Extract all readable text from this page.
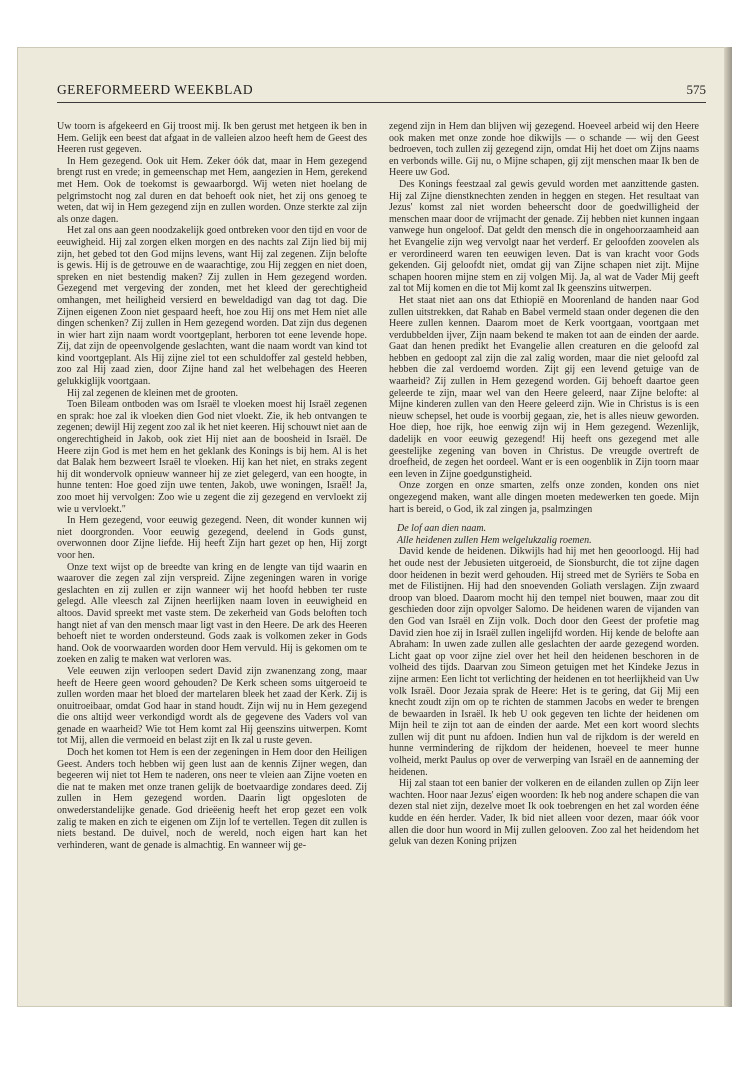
GEREFORMEERD WEEKBLAD	575

Uw toorn is afgekeerd en Gij troost mij. Ik ben gerust met hetgeen ik ben in Hem. Gelijk een beest dat afgaat in de valleien alzoo heeft hem de Geest des Heeren rust gegeven.

In Hem gezegend. Ook uit Hem. Zeker óók dat, maar in Hem gezegend brengt rust en vrede; in gemeenschap met Hem, aangezien in Hem, gerekend met Hem. Ook de toekomst is gewaarborgd. Wij weten niet hoelang de pelgrimstocht nog zal duren en dat behoeft ook niet, het zij ons genoeg te weten, dat wij in Hem gezegend zijn en zullen worden. Onze sterkte zal zijn als onze dagen.

Het zal ons aan geen noodzakelijk goed ontbreken voor den tijd en voor de eeuwigheid. Hij zal zorgen elken morgen en des nachts zal Zijn lied bij mij zijn, het gebed tot den God mijns levens, want Hij zal zegenen. Zijn belofte is gewis. Hij is de getrouwe en de waarachtige, zou Hij zeggen en niet doen, spreken en niet bestendig maken? Zij zullen in Hem gezegend worden. Gezegend met vergeving der zonden, met het kleed der gerechtigheid omhangen, met heiligheid versierd en beweldadigd van dag tot dag. Die Zijnen eigenen Zoon niet gespaard heeft, hoe zou Hij ons met Hem niet alle dingen schenken? Zij zullen in Hem gezegend worden. Dat zijn dus degenen in wier hart zijn naam wordt voortgeplant, herboren tot eene levende hope. Zij, dat zijn de opeenvolgende geslachten, want die naam wordt van kind tot kind voortgeplant. Als Hij zijne ziel tot een schuldoffer zal gesteld hebben, zoo zal Hij zaad zien, door Zijne hand zal het welbehagen des Heeren gelukkiglijk voortgaan.

Hij zal zegenen de kleinen met de grooten.

Toen Bileam ontboden was om Israël te vloeken moest hij Israël zegenen en sprak: hoe zal ik vloeken dien God niet vloekt. Zie, ik heb ontvangen te zegenen; dewijl Hij zegent zoo zal ik het niet keeren. Hij schouwt niet aan de ongerechtigheid in Jakob, ook ziet Hij niet aan de boosheid in Israël. De Heere zijn God is met hem en het geklank des Konings is bij hem. Al is het dat Balak hem bezweert Israël te vloeken. Hij kan het niet, en straks zegent hij dit wondervolk opnieuw wanneer hij ze ziet gelegerd, van een hoogte, in hunne tenten: Hoe goed zijn uwe tenten, Jakob, uwe woningen, Israël! Ja, zoo moet hij vervolgen: Zoo wie u zegent die zij gezegend en vervloekt zij wie u vervloekt."

In Hem gezegend, voor eeuwig gezegend. Neen, dit wonder kunnen wij niet doorgronden. Voor eeuwig gezegend, deelend in Gods gunst, overwonnen door Zijne liefde. Hij heeft Zijn hart gezet op hen, Hij zorgt voor hen.

Onze text wijst op de breedte van kring en de lengte van tijd waarin en waarover die zegen zal zijn verspreid. Zijne zegeningen waren in vorige geslachten en zij zullen er zijn wanneer wij het hoofd hebben ter ruste gelegd. Alle vleesch zal Zijnen heerlijken naam loven in eeuwigheid en altoos. David spreekt met vaste stem. De zekerheid van Gods beloften toch hangt niet af van den mensch maar ligt vast in den Heere. De ark des Heeren behoeft niet te worden ondersteund. Gods zaak is volkomen zeker in Gods hand. Ook de voorwaarden worden door Hem vervuld. Hij is gekomen om te zoeken en zalig te maken wat verloren was.

Vele eeuwen zijn verloopen sedert David zijn zwanenzang zong, maar heeft de Heere geen woord gehouden? De Kerk scheen soms uitgeroeid te zullen worden maar het bloed der martelaren bleek het zaad der Kerk. Zij is onuitroeibaar, omdat God haar in stand houdt. Zijn wij nu in Hem gezegend die ons altijd weer verkondigd wordt als de gegevene des Vaders vol van genade en waarheid? Wie tot Hem komt zal Hij geenszins uitwerpen. Komt tot Mij, allen die vermoeid en belast zijt en Ik zal u ruste geven.

Doch het komen tot Hem is een der zegeningen in Hem door den Heiligen Geest. Anders toch hebben wij geen lust aan de kennis Zijner wegen, dan begeeren wij niet tot Hem te naderen, ons neer te vleien aan Zijne voeten en die nat te maken met onze tranen gelijk de boetvaardige zondares deed. Zij zullen in Hem gezegend worden. Daarin ligt opgesloten de onwederstandelijke genade. God drieëenig heeft het erop gezet een volk zalig te maken en zich te eigenen om Zijn lof te vertellen. Tegen dit zullen is niets bestand. De duivel, noch de wereld, noch eigen hart kan het verhinderen, want de genade is almachtig. En wanneer wij ge-

zegend zijn in Hem dan blijven wij gezegend. Hoeveel arbeid wij den Heere ook maken met onze zonde hoe dikwijls — o schande — wij den Geest bedroeven, toch zullen zij gezegend zijn, omdat Hij het doet om Zijns naams en verbonds wille. Gij nu, o Mijne schapen, gij zijt menschen maar Ik ben de Heere uw God.

Des Konings feestzaal zal gewis gevuld worden met aanzittende gasten. Hij zal Zijne dienstknechten zenden in heggen en stegen. Het resultaat van Jezus' komst zal niet worden beheerscht door de goedwilligheid der menschen maar door de vrijmacht der genade. Zij hebben niet kunnen ingaan vanwege hun ongeloof. Dat geldt den mensch die in ongehoorzaamheid aan het Evangelie zijn weg vervolgt naar het verderf. Er geloofden zoovelen als er verordineerd waren ten eeuwigen leven. Dat is van kracht voor Gods gekenden. Gij geloofdt niet, omdat gij van Zijne schapen niet zijt. Mijne schapen hooren mijne stem en zij volgen Mij. Ja, al wat de Vader Mij geeft zal tot Mij komen en die tot Mij komt zal Ik geenszins uitwerpen.

Het staat niet aan ons dat Ethiopië en Moorenland de handen naar God zullen uitstrekken, dat Rahab en Babel vermeld staan onder degenen die den Heere zullen kennen. Daarom moet de Kerk voortgaan, voortgaan met verdubbelden ijver, Zijn naam bekend te maken tot aan de einden der aarde. Gaat dan henen predikt het Evangelie allen creaturen en die geloofd zal hebben en gedoopt zal zijn die zal zalig worden, maar die niet geloofd zal hebben die zal verdoemd worden. Zijt gij een levend getuige van de waarheid? Zij zullen in Hem gezegend worden. Gij behoeft daartoe geen geleerde te zijn, maar wel van den Heere geleerd, naar Zijne belofte: al Mijne kinderen zullen van den Heere geleerd zijn. Wie in Christus is is een nieuw schepsel, het oude is voorbij gegaan, zie, het is alles nieuw geworden. Hoe diep, hoe rijk, hoe eenwig zijn wij in Hem gezegend. Wezenlijk, dadelijk en voor eeuwig gezegend! Hij heeft ons gezegend met alle geestelijke zegening van boven in Christus. De vreugde overtreft de droefheid, de zegen het oordeel. Want er is een oogenblik in Zijn toorn maar een leven in Zijne goedgunstigheid.

Onze zorgen en onze smarten, zelfs onze zonden, konden ons niet ongezegend maken, want alle dingen moeten medewerken ten goede. Mijn hart is bereid, o God, ik zal zingen ja, psalmzingen

De lof aan dien naam.

Alle heidenen zullen Hem welgelukzalig roemen.

David kende de heidenen. Dikwijls had hij met hen geoorloogd. Hij had het oude nest der Jebusieten uitgeroeid, de Sionsburcht, die tot zijne dagen door heidenen in bezit werd gehouden. Hij streed met de Syriërs te Soba en met de Filistijnen. Hij had den snoevenden Goliath verslagen. Zijn zwaard droop van bloed. Daarom mocht hij den tempel niet bouwen, maar zou dit geschieden door zijn opvolger Salomo. De heidenen waren de vijanden van den God van Israël en Zijn volk. Doch door den Geest der profetie mag David zien hoe zij in Israël zullen ingelijfd worden. Hij kende de belofte aan Abraham: In uwen zade zullen alle geslachten der aarde gezegend worden. Licht gaat op voor zijne ziel over het heil den heidenen beschoren in de volheid des tijds. Daarvan zou Simeon getuigen met het Kindeke Jezus in zijne armen: Een licht tot verlichting der heidenen en tot heerlijkheid van Uw volk Israël. Door Jezaia sprak de Heere: Het is te gering, dat Gij Mij een knecht zoudt zijn om op te richten de stammen Jacobs en weder te brengen de bewaarden in Israël. Ik heb U ook gegeven ten lichte der heidenen om Mijn heil te zijn tot aan de einden der aarde. Met een kort woord slechts zullen wij dit punt nu afdoen. Indien hun val de rijkdom is der wereld en hunne vermindering de rijkdom der heidenen, hoeveel te meer hunne volheid, merkt Paulus op over de verwerping van Israël en de aanneming der heidenen.

Hij zal staan tot een banier der volkeren en de eilanden zullen op Zijn leer wachten. Hoor naar Jezus' eigen woorden: Ik heb nog andere schapen die van dezen stal niet zijn, dezelve moet Ik ook toebrengen en het zal worden ééne kudde en één herder. Vader, Ik bid niet alleen voor dezen, maar óók voor allen die door hun woord in Mij zullen gelooven. Zoo zal het heidendom het geluk van dezen Koning prijzen
